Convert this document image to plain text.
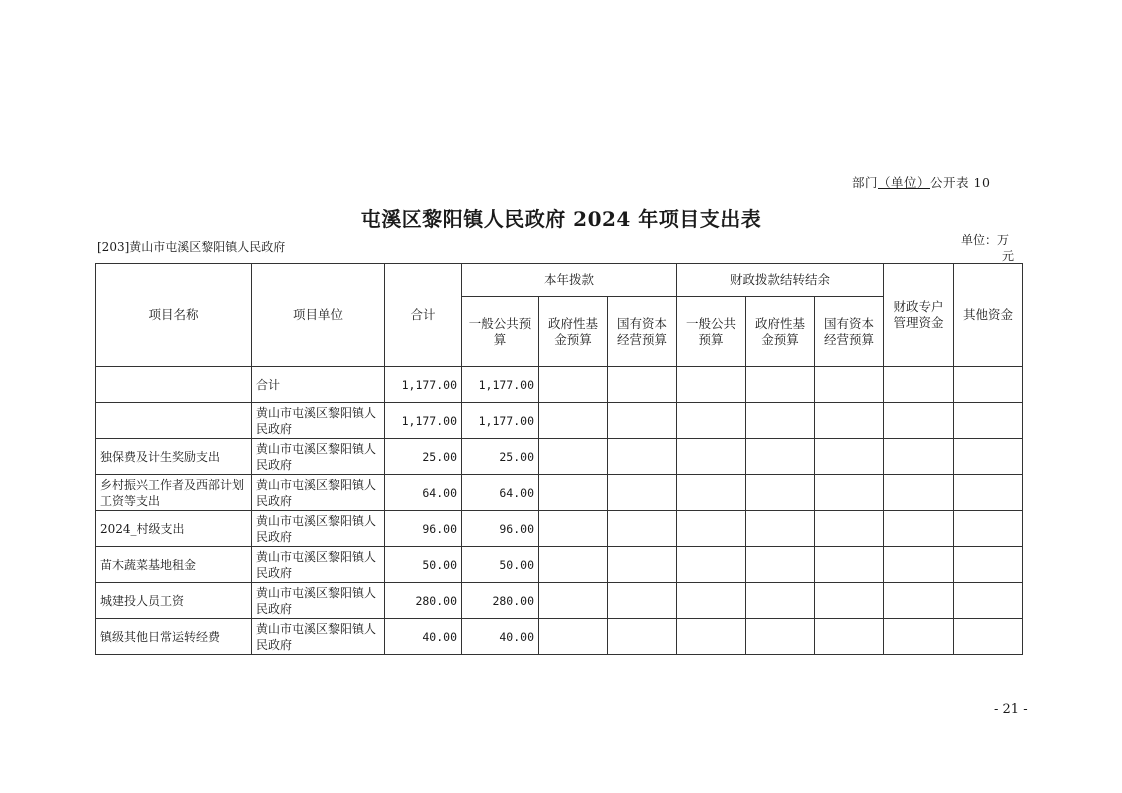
部门（单位）公开表 10
屯溪区黎阳镇人民政府 2024 年项目支出表
[203]黄山市屯溪区黎阳镇人民政府	单位：万
元
项目名称	项目单位	合计	本年拨款			财政拨款结转结余			财政专户管理资金	其他资金
			一般公共预算	政府性基金预算	国有资本经营预算	一般公共预算	政府性基金预算	国有资本经营预算		
	合计	1,177.00	1,177.00							
	黄山市屯溪区黎阳镇人民政府	1,177.00	1,177.00							
独保费及计生奖励支出	黄山市屯溪区黎阳镇人民政府	25.00	25.00							
乡村振兴工作者及西部计划工资等支出	黄山市屯溪区黎阳镇人民政府	64.00	64.00							
2024_村级支出	黄山市屯溪区黎阳镇人民政府	96.00	96.00							
苗木蔬菜基地租金	黄山市屯溪区黎阳镇人民政府	50.00	50.00							
城建投人员工资	黄山市屯溪区黎阳镇人民政府	280.00	280.00							
镇级其他日常运转经费	黄山市屯溪区黎阳镇人民政府	40.00	40.00							
- 21 -
